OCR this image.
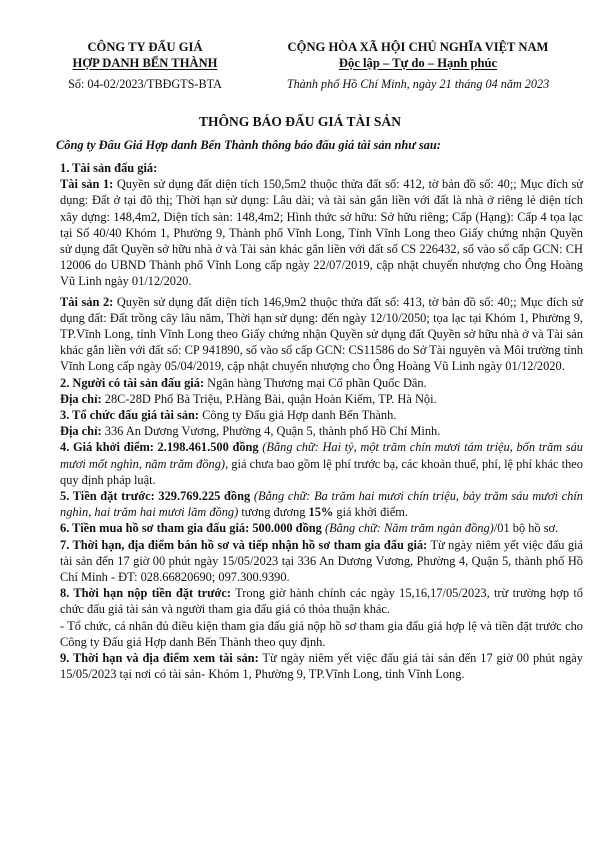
CÔNG TY ĐẤU GIÁ
HỢP DANH BẾN THÀNH
Số: 04-02/2023/TBĐGTS-BTA
CỘNG HÒA XÃ HỘI CHỦ NGHĨA VIỆT NAM
Độc lập – Tự do – Hạnh phúc
Thành phố Hồ Chí Minh, ngày 21 tháng 04 năm 2023
THÔNG BÁO ĐẤU GIÁ TÀI SẢN
Công ty Đấu Giá Hợp danh Bến Thành thông báo đấu giá tài sản như sau:

1. Tài sản đấu giá:

Tài sản 1: Quyền sử dụng đất diện tích 150,5m2 thuộc thửa đất số: 412, tờ bản đồ số: 40;; Mục đích sử dụng: Đất ở tại đô thị; Thời hạn sử dụng: Lâu dài; và tài sản gắn liền với đất là nhà ở riêng lẻ diện tích xây dựng: 148,4m2, Diện tích sàn: 148,4m2; Hình thức sở hữu: Sở hữu riêng; Cấp (Hạng): Cấp 4 tọa lạc tại Số 40/40 Khóm 1, Phường 9, Thành phố Vĩnh Long, Tỉnh Vĩnh Long theo Giấy chứng nhận Quyền sử dụng đất Quyền sở hữu nhà ở và Tài sản khác gắn liền với đất số CS 226432, số vào sổ cấp GCN: CH 12006 do UBND Thành phố Vĩnh Long cấp ngày 22/07/2019, cập nhật chuyển nhượng cho Ông Hoàng Vũ Linh ngày 01/12/2020.

Tài sản 2: Quyền sử dụng đất diện tích 146,9m2 thuộc thửa đất số: 413, tờ bản đồ số: 40;; Mục đích sử dụng đất: Đất trồng cây lâu năm, Thời hạn sử dụng: đến ngày 12/10/2050; tọa lạc tại Khóm 1, Phường 9, TP.Vĩnh Long, tỉnh Vĩnh Long theo Giấy chứng nhận Quyền sử dụng đất Quyền sở hữu nhà ở và Tài sản khác gắn liền với đất số: CP 941890, số vào sổ cấp GCN: CS11586 do Sở Tài nguyên và Môi trường tỉnh Vĩnh Long cấp ngày 05/04/2019, cập nhật chuyển nhượng cho Ông Hoàng Vũ Linh ngày 01/12/2020.

2. Người có tài sản đấu giá: Ngân hàng Thương mại Cổ phần Quốc Dân.

Địa chỉ: 28C-28D Phố Bà Triệu, P.Hàng Bài, quận Hoàn Kiếm, TP. Hà Nội.

3. Tổ chức đấu giá tài sản: Công ty Đấu giá Hợp danh Bến Thành.

Địa chỉ: 336 An Dương Vương, Phường 4, Quận 5, thành phố Hồ Chí Minh.

4. Giá khởi điểm: 2.198.461.500 đồng (Bằng chữ: Hai tỷ, một trăm chín mươi tám triệu, bốn trăm sáu mươi mốt nghìn, năm trăm đồng), giá chưa bao gồm lệ phí trước bạ, các khoản thuế, phí, lệ phí khác theo quy định pháp luật.

5. Tiền đặt trước: 329.769.225 đồng (Bằng chữ: Ba trăm hai mươi chín triệu, bảy trăm sáu mươi chín nghìn, hai trăm hai mươi lăm đồng) tương đương 15% giá khởi điểm.

6. Tiền mua hồ sơ tham gia đấu giá: 500.000 đồng (Bằng chữ: Năm trăm ngàn đồng)/01 bộ hồ sơ.

7. Thời hạn, địa điểm bán hồ sơ và tiếp nhận hồ sơ tham gia đấu giá: Từ ngày niêm yết việc đấu giá tài sản đến 17 giờ 00 phút ngày 15/05/2023 tại 336 An Dương Vương, Phường 4, Quận 5, thành phố Hồ Chí Minh - ĐT: 028.66820690; 097.300.9390.

8. Thời hạn nộp tiền đặt trước: Trong giờ hành chính các ngày 15,16,17/05/2023, trừ trường hợp tổ chức đấu giá tài sản và người tham gia đấu giá có thỏa thuận khác.

- Tổ chức, cá nhân đủ điều kiện tham gia đấu giá nộp hồ sơ tham gia đấu giá hợp lệ và tiền đặt trước cho Công ty Đấu giá Hợp danh Bến Thành theo quy định.

9. Thời hạn và địa điểm xem tài sản: Từ ngày niêm yết việc đấu giá tài sản đến 17 giờ 00 phút ngày 15/05/2023 tại nơi có tài sản- Khóm 1, Phường 9, TP.Vĩnh Long, tỉnh Vĩnh Long.
